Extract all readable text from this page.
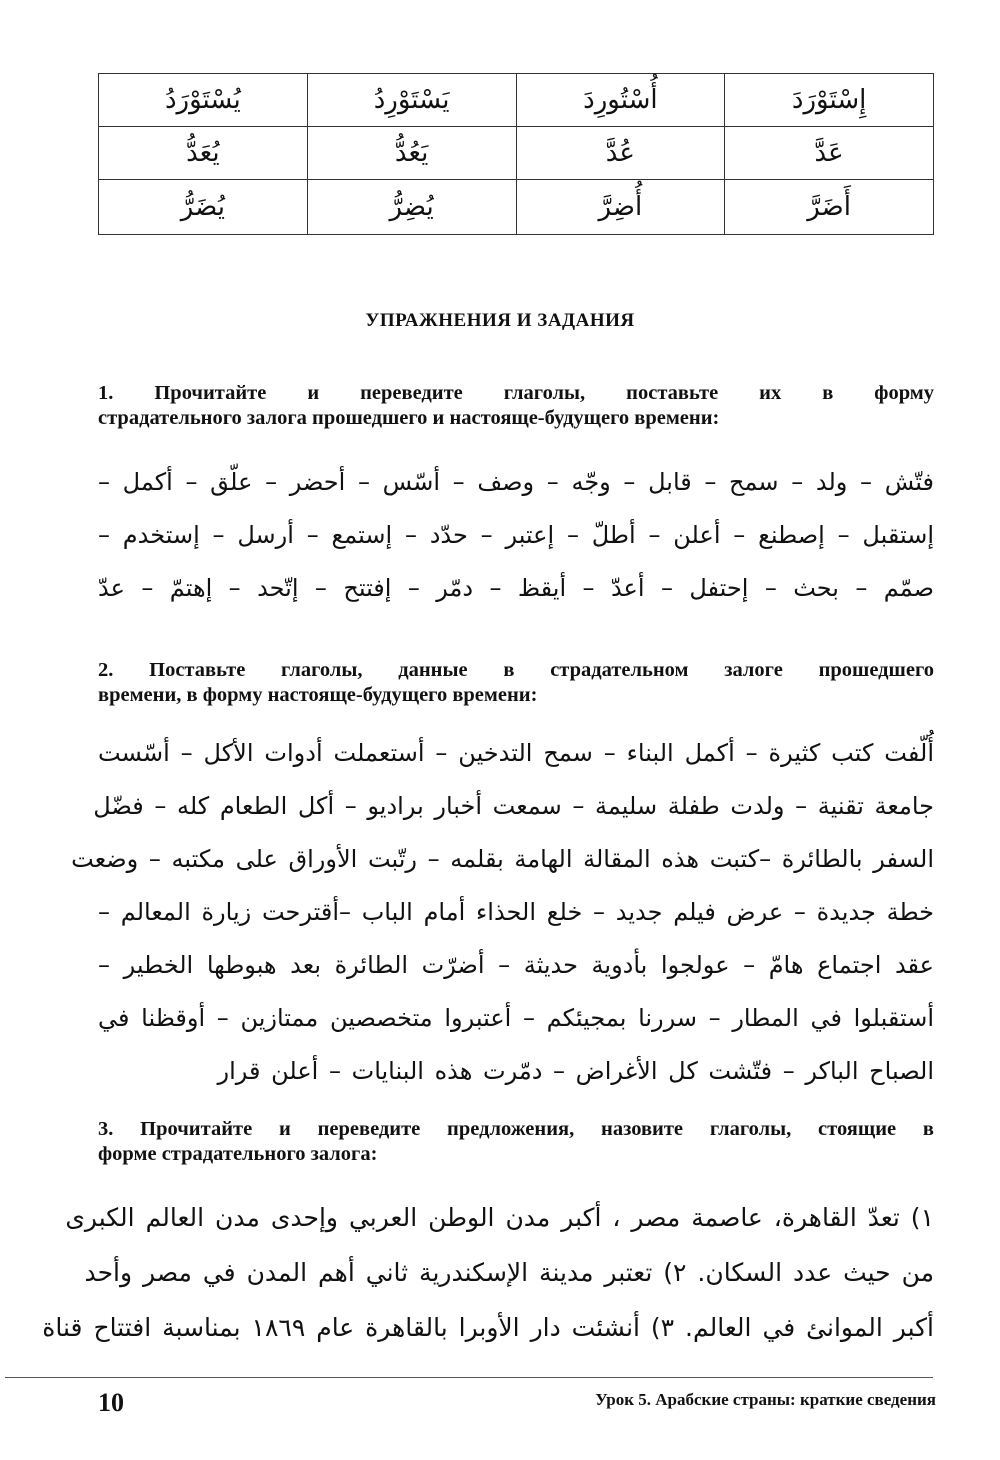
يُسْتَوْرَدُ	يَسْتَوْرِدُ	أُسْتُورِدَ	إِسْتَوْرَدَ
يُعَدُّ	يَعُدُّ	عُدَّ	عَدَّ
يُضَرُّ	يُضِرُّ	أُضِرَّ	أَضَرَّ
УПРАЖНЕНИЯ И ЗАДАНИЯ
1. Прочитайте и переведите глаголы, поставьте их в форму
страдательного залога прошедшего и настояще-будущего времени:
فتّش – ولد – سمح – قابل – وجّه – وصف – أسّس – أحضر – علّق – أكمل –
إستقبل – إصطنع – أعلن – أطلّ – إعتبر – حدّد – إستمع – أرسل – إستخدم –
صمّم – بحث – إحتفل – أعدّ – أيقظ – دمّر – إفتتح – إتّحد – إهتمّ – عدّ
2. Поставьте глаголы, данные в страдательном залоге прошедшего
времени, в форму настояще-будущего времени:
أُلّفت كتب كثيرة – أكمل البناء – سمح التدخين – أستعملت أدوات الأكل – أسّست
جامعة تقنية – ولدت طفلة سليمة – سمعت أخبار براديو – أكل الطعام كله – فضّل
السفر بالطائرة –كتبت هذه المقالة الهامة بقلمه – رتّبت الأوراق على مكتبه – وضعت
خطة جديدة – عرض فيلم جديد – خلع الحذاء أمام الباب –أقترحت زيارة المعالم –
عقد اجتماع هامّ – عولجوا بأدوية حديثة – أضرّت الطائرة بعد هبوطها الخطير –
أستقبلوا في المطار – سررنا بمجيئكم – أعتبروا متخصصين ممتازين – أوقظنا في
الصباح الباكر – فتّشت كل الأغراض – دمّرت هذه البنايات – أعلن قرار
3. Прочитайте и переведите предложения, назовите глаголы, стоящие в
форме страдательного залога:
١) تعدّ القاهرة، عاصمة مصر ، أكبر مدن الوطن العربي وإحدى مدن العالم الكبرى
من حيث عدد السكان. ٢) تعتبر مدينة الإسكندرية ثاني أهم المدن في مصر وأحد
أكبر الموانئ في العالم. ٣) أنشئت دار الأوبرا بالقاهرة عام ١٨٦٩ بمناسبة افتتاح قناة
10	Урок 5. Арабские страны: краткие сведения
